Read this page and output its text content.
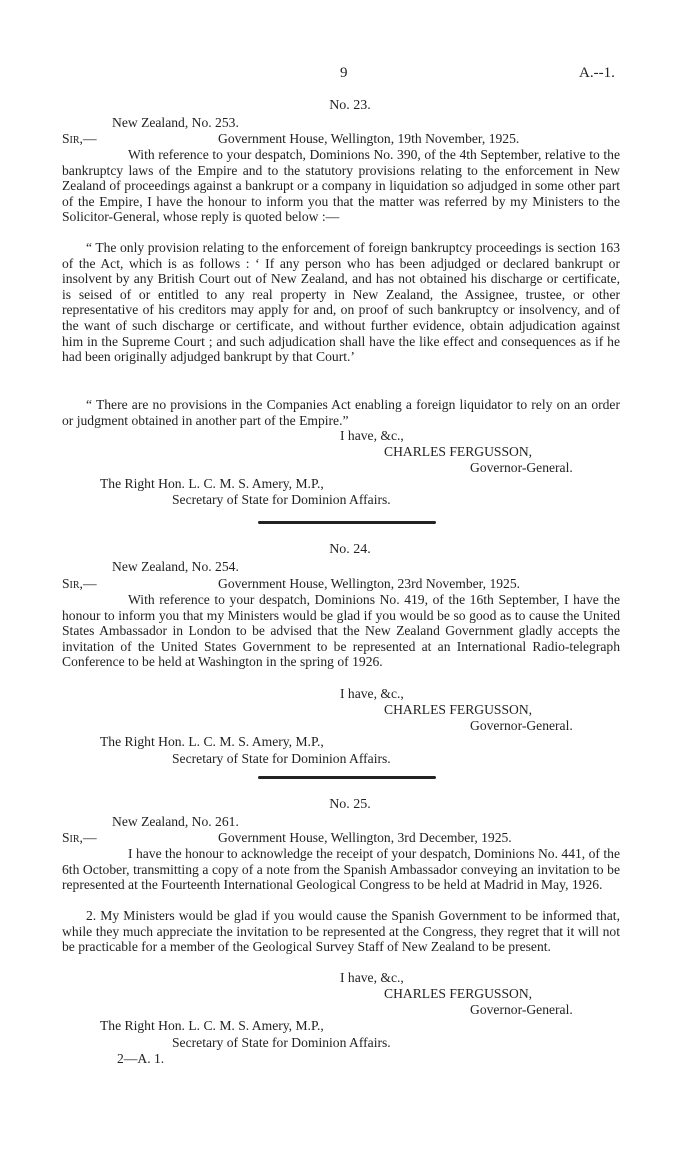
9	A.--1.
No. 23.
New Zealand, No. 253.
Sir,—	Government House, Wellington, 19th November, 1925.

With reference to your despatch, Dominions No. 390, of the 4th September, relative to the bankruptcy laws of the Empire and to the statutory provisions relating to the enforcement in New Zealand of proceedings against a bankrupt or a company in liquidation so adjudged in some other part of the Empire, I have the honour to inform you that the matter was referred by my Ministers to the Solicitor-General, whose reply is quoted below :—

“ The only provision relating to the enforcement of foreign bankruptcy proceedings is section 163 of the Act, which is as follows : ‘ If any person who has been adjudged or declared bankrupt or insolvent by any British Court out of New Zealand, and has not obtained his discharge or certificate, is seised of or entitled to any real property in New Zealand, the Assignee, trustee, or other representative of his creditors may apply for and, on proof of such bankruptcy or insolvency, and of the want of such discharge or certificate, and without further evidence, obtain adjudication against him in the Supreme Court ; and such adjudication shall have the like effect and consequences as if he had been originally adjudged bankrupt by that Court.’

“ There are no provisions in the Companies Act enabling a foreign liquidator to rely on an order or judgment obtained in another part of the Empire.”

I have, &c.,
CHARLES FERGUSSON,
Governor-General.
The Right Hon. L. C. M. S. Amery, M.P.,
Secretary of State for Dominion Affairs.
No. 24.
New Zealand, No. 254.
Sir,—	Government House, Wellington, 23rd November, 1925.

With reference to your despatch, Dominions No. 419, of the 16th September, I have the honour to inform you that my Ministers would be glad if you would be so good as to cause the United States Ambassador in London to be advised that the New Zealand Government gladly accepts the invitation of the United States Government to be represented at an International Radio-telegraph Conference to be held at Washington in the spring of 1926.

I have, &c.,
CHARLES FERGUSSON,
Governor-General.
The Right Hon. L. C. M. S. Amery, M.P.,
Secretary of State for Dominion Affairs.
No. 25.
New Zealand, No. 261.
Sir,—	Government House, Wellington, 3rd December, 1925.

I have the honour to acknowledge the receipt of your despatch, Dominions No. 441, of the 6th October, transmitting a copy of a note from the Spanish Ambassador conveying an invitation to be represented at the Fourteenth International Geological Congress to be held at Madrid in May, 1926.

2. My Ministers would be glad if you would cause the Spanish Government to be informed that, while they much appreciate the invitation to be represented at the Congress, they regret that it will not be practicable for a member of the Geological Survey Staff of New Zealand to be present.

I have, &c.,
CHARLES FERGUSSON,
Governor-General.
The Right Hon. L. C. M. S. Amery, M.P.,
Secretary of State for Dominion Affairs.
2—A. 1.
